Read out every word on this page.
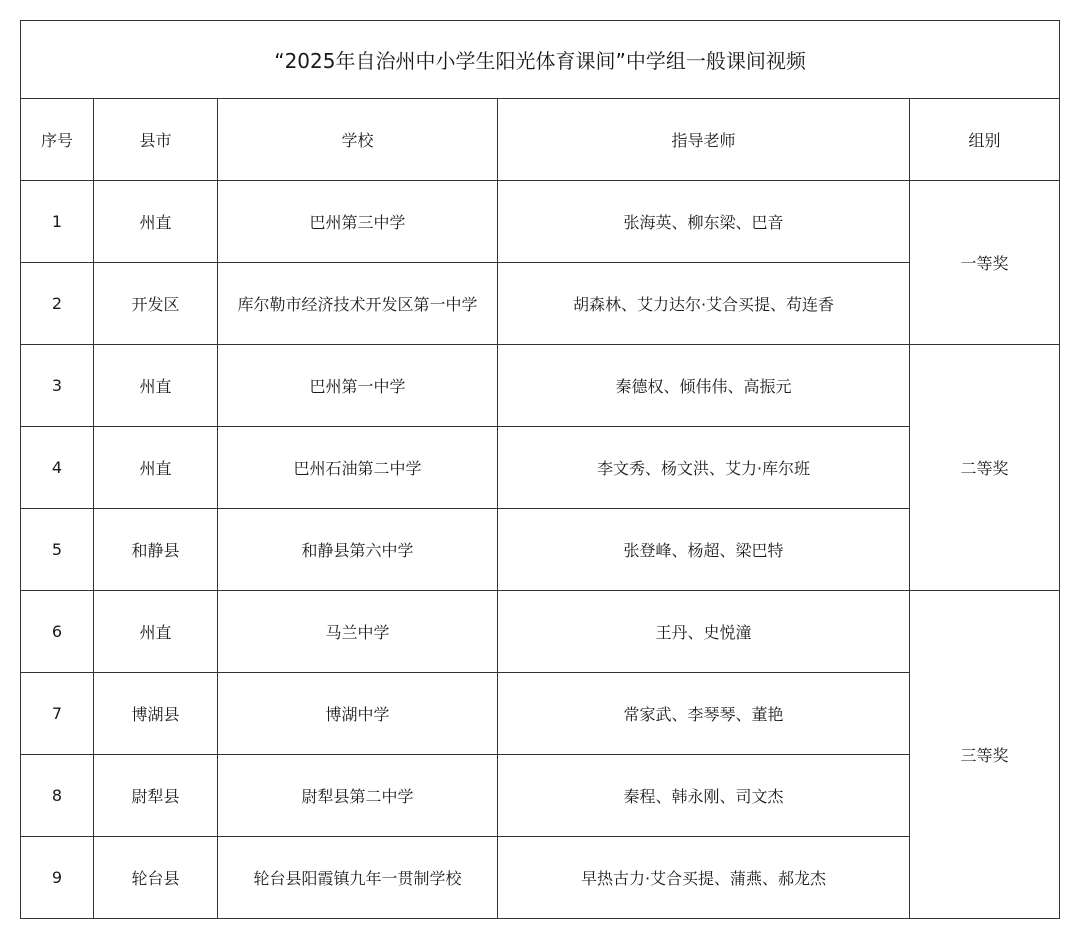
“2025年自治州中小学生阳光体育课间”中学组一般课间视频				
序号	县市	学校	指导老师	组别
1	州直	巴州第三中学	张海英、柳东梁、巴音	一等奖
2	开发区	库尔勒市经济技术开发区第一中学	胡森林、艾力达尔·艾合买提、苟连香	
3	州直	巴州第一中学	秦德权、倾伟伟、高振元	二等奖
4	州直	巴州石油第二中学	李文秀、杨文洪、艾力·库尔班	
5	和静县	和静县第六中学	张登峰、杨超、梁巴特	
6	州直	马兰中学	王丹、史悦潼	三等奖
7	博湖县	博湖中学	常家武、李琴琴、董艳	
8	尉犁县	尉犁县第二中学	秦程、韩永刚、司文杰	
9	轮台县	轮台县阳霞镇九年一贯制学校	早热古力·艾合买提、蒲燕、郝龙杰	
